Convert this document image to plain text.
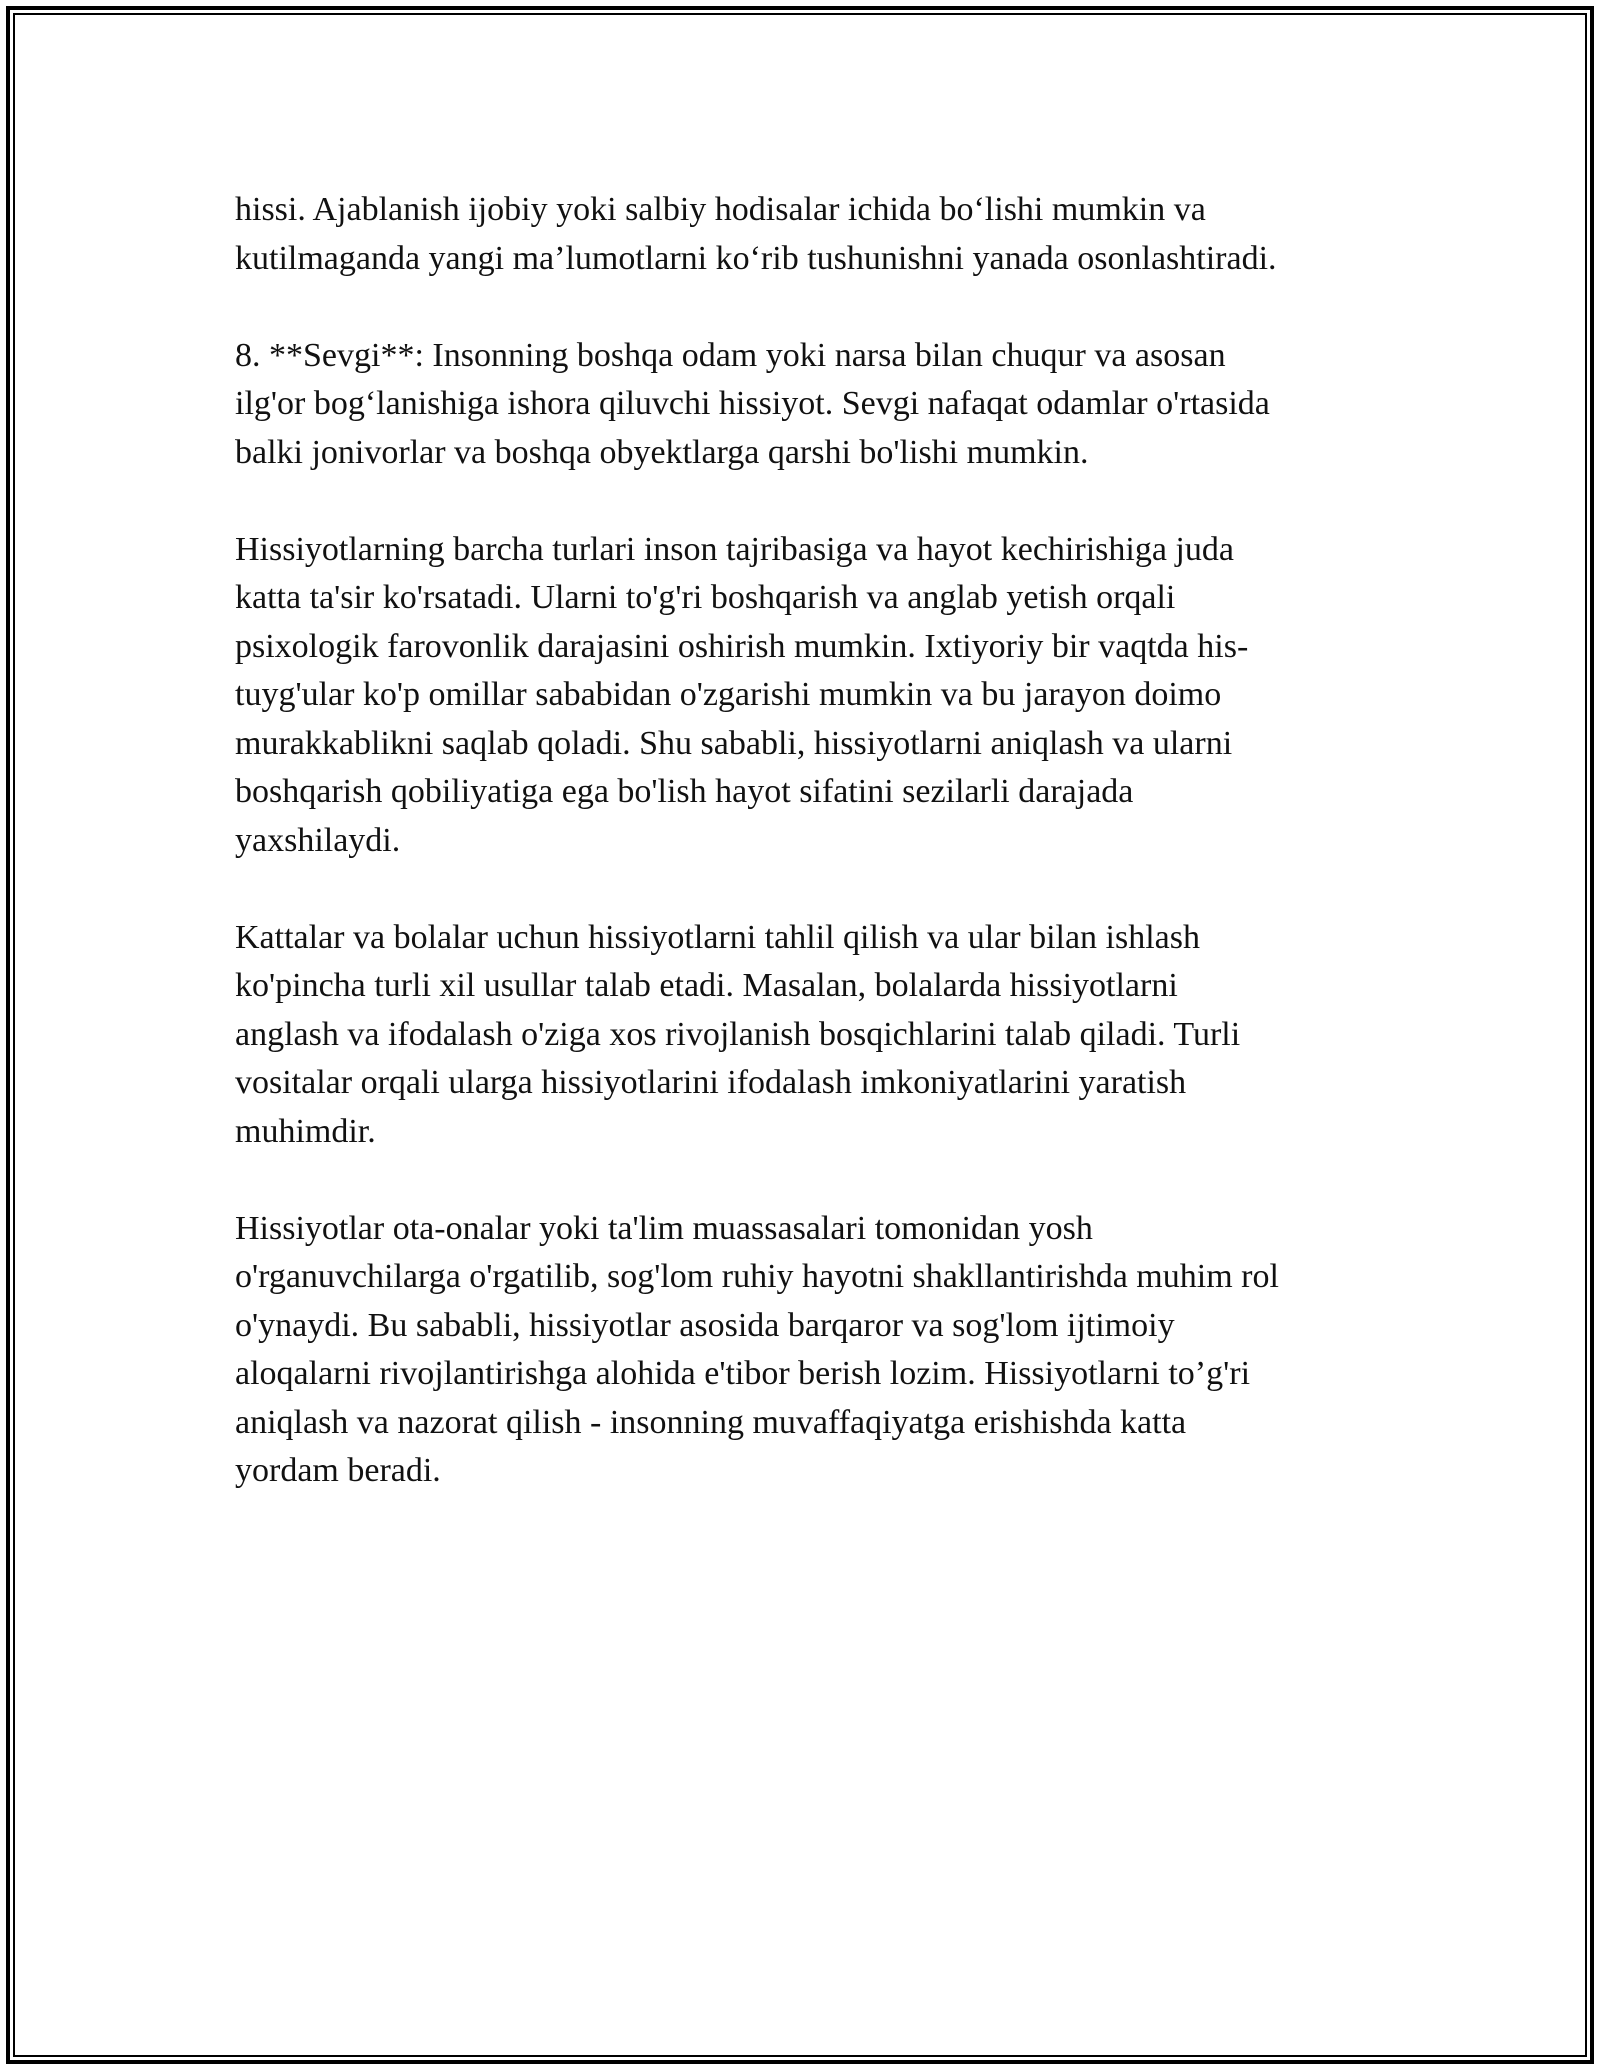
hissi. Ajablanish ijobiy yoki salbiy hodisalar ichida bo‘lishi mumkin va
kutilmaganda yangi ma’lumotlarni ko‘rib tushunishni yanada osonlashtiradi.

8. **Sevgi**: Insonning boshqa odam yoki narsa bilan chuqur va asosan
ilg'or bog‘lanishiga ishora qiluvchi hissiyot. Sevgi nafaqat odamlar o'rtasida
balki jonivorlar va boshqa obyektlarga qarshi bo'lishi mumkin.

Hissiyotlarning barcha turlari inson tajribasiga va hayot kechirishiga juda
katta ta'sir ko'rsatadi. Ularni to'g'ri boshqarish va anglab yetish orqali
psixologik farovonlik darajasini oshirish mumkin. Ixtiyoriy bir vaqtda his-
tuyg'ular ko'p omillar sababidan o'zgarishi mumkin va bu jarayon doimo
murakkablikni saqlab qoladi. Shu sababli, hissiyotlarni aniqlash va ularni
boshqarish qobiliyatiga ega bo'lish hayot sifatini sezilarli darajada
yaxshilaydi.

Kattalar va bolalar uchun hissiyotlarni tahlil qilish va ular bilan ishlash
ko'pincha turli xil usullar talab etadi. Masalan, bolalarda hissiyotlarni
anglash va ifodalash o'ziga xos rivojlanish bosqichlarini talab qiladi. Turli
vositalar orqali ularga hissiyotlarini ifodalash imkoniyatlarini yaratish
muhimdir.

Hissiyotlar ota-onalar yoki ta'lim muassasalari tomonidan yosh
o'rganuvchilarga o'rgatilib, sog'lom ruhiy hayotni shakllantirishda muhim rol
o'ynaydi. Bu sababli, hissiyotlar asosida barqaror va sog'lom ijtimoiy
aloqalarni rivojlantirishga alohida e'tibor berish lozim. Hissiyotlarni to’g'ri
aniqlash va nazorat qilish - insonning muvaffaqiyatga erishishda katta
yordam beradi.
